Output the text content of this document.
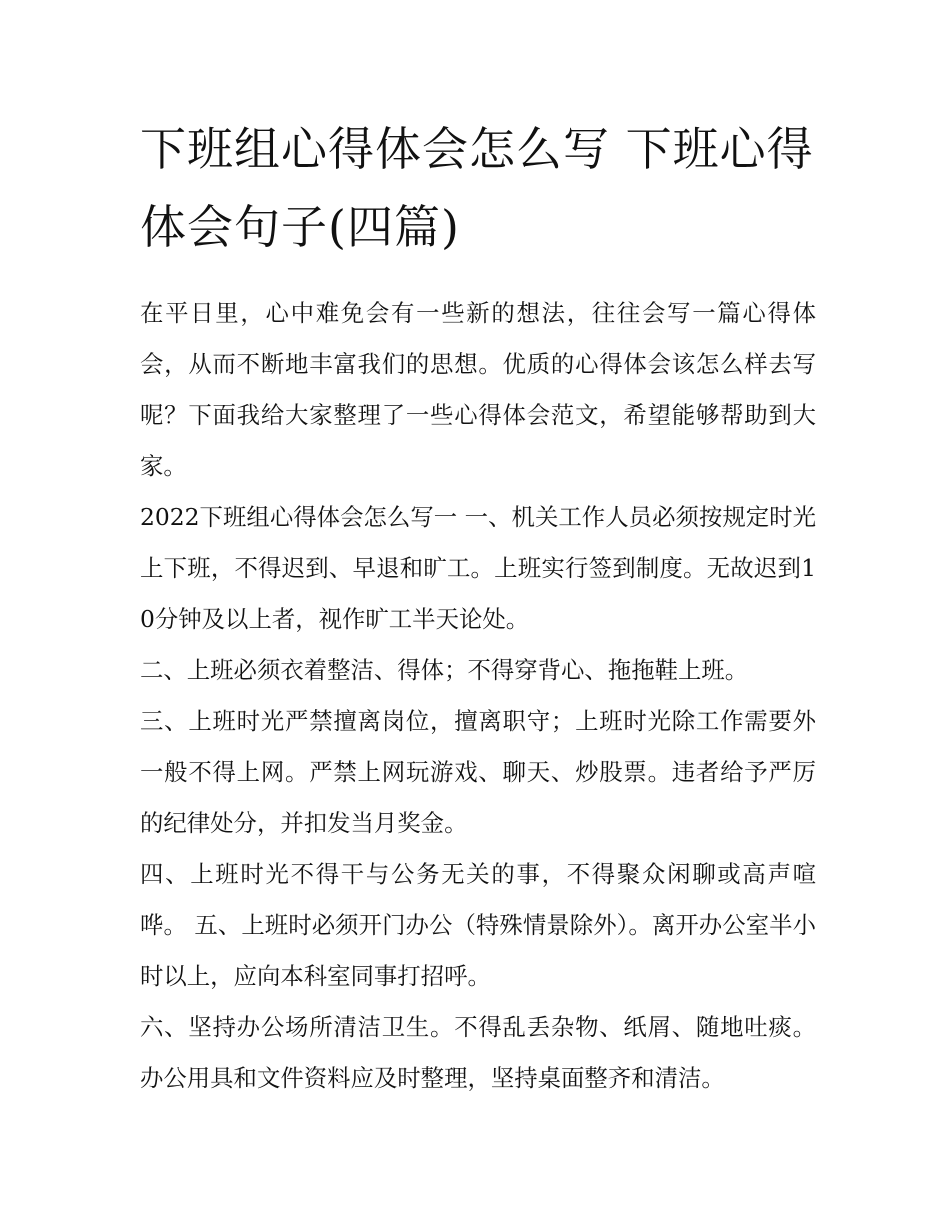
下班组心得体会怎么写 下班心得体会句子(四篇)

在平日里，心中难免会有一些新的想法，往往会写一篇心得体会，从而不断地丰富我们的思想。优质的心得体会该怎么样去写呢？下面我给大家整理了一些心得体会范文，希望能够帮助到大家。

2022下班组心得体会怎么写一 一、机关工作人员必须按规定时光上下班，不得迟到、早退和旷工。上班实行签到制度。无故迟到10分钟及以上者，视作旷工半天论处。

二、上班必须衣着整洁、得体；不得穿背心、拖拖鞋上班。

三、上班时光严禁擅离岗位，擅离职守；上班时光除工作需要外一般不得上网。严禁上网玩游戏、聊天、炒股票。违者给予严厉的纪律处分，并扣发当月奖金。

四、上班时光不得干与公务无关的事，不得聚众闲聊或高声喧哗。 五、上班时必须开门办公（特殊情景除外）。离开办公室半小时以上，应向本科室同事打招呼。

六、坚持办公场所清洁卫生。不得乱丢杂物、纸屑、随地吐痰。办公用具和文件资料应及时整理，坚持桌面整齐和清洁。
